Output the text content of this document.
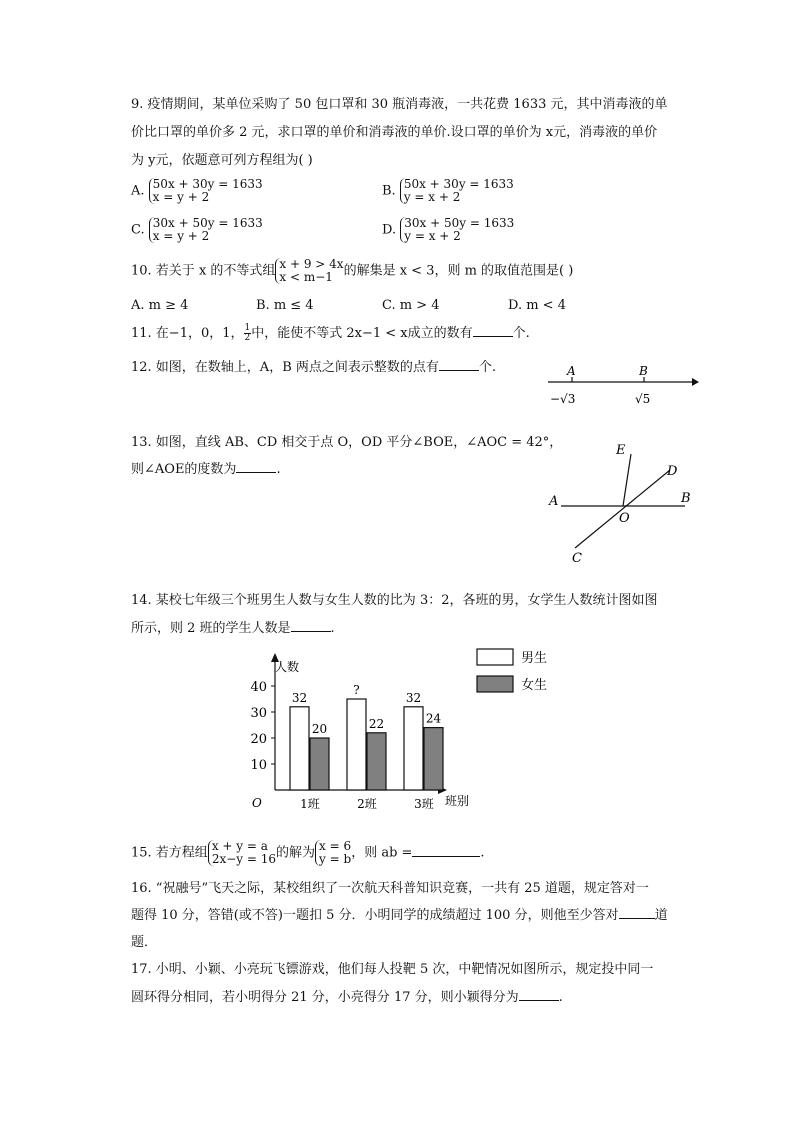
9. 疫情期间，某单位采购了 50 包口罩和 30 瓶消毒液，一共花费 1633 元，其中消毒液的单
价比口罩的单价多 2 元，求口罩的单价和消毒液的单价.设口罩的单价为 x元，消毒液的单价
为 y元，依题意可列方程组为( )
A. 50x + 30y = 1633
x = y + 2	B. 50x + 30y = 1633
y = x + 2
C. 30x + 50y = 1633
x = y + 2	D. 30x + 50y = 1633
y = x + 2
10. 若关于 x 的不等式组 x + 9 > 4x
x < m−1 的解集是 x < 3，则 m 的取值范围是( )
A. m ≥ 4	B. m ≤ 4	C. m > 4	D. m < 4
11. 在−1，0，1， $\frac{1}{2}$ 中，能使不等式 2x−1 < x成立的数有	个.
12. 如图，在数轴上，A，B 两点之间表示整数的点有	个.	A	B
−√3	√5
13. 如图，直线 AB、CD 相交于点 O，OD 平分∠BOE，∠AOC = 42°，
则∠AOE的度数为	.
A	B
C
D
E
O
14. 某校七年级三个班男生人数与女生人数的比为 3：2，各班的男，女学生人数统计图如图
所示，则 2 班的学生人数是	.
人数
班别
O
男生
女生
10
20
30
40
32
20
1班
?
22
2班
32
24
3班
15. 若方程组 x + y = a
2x−y = 16的解为 x = 6
y = b，则 ab =	.
16. “祝融号”飞天之际，某校组织了一次航天科普知识竞赛，一共有 25 道题，规定答对一
题得 10 分，答错(或不答)一题扣 5 分．小明同学的成绩超过 100 分，则他至少答对	道
题．
17. 小明、小颖、小亮玩飞镖游戏，他们每人投靶 5 次，中靶情况如图所示，规定投中同一
圆环得分相同，若小明得分 21 分，小亮得分 17 分，则小颖得分为	.
